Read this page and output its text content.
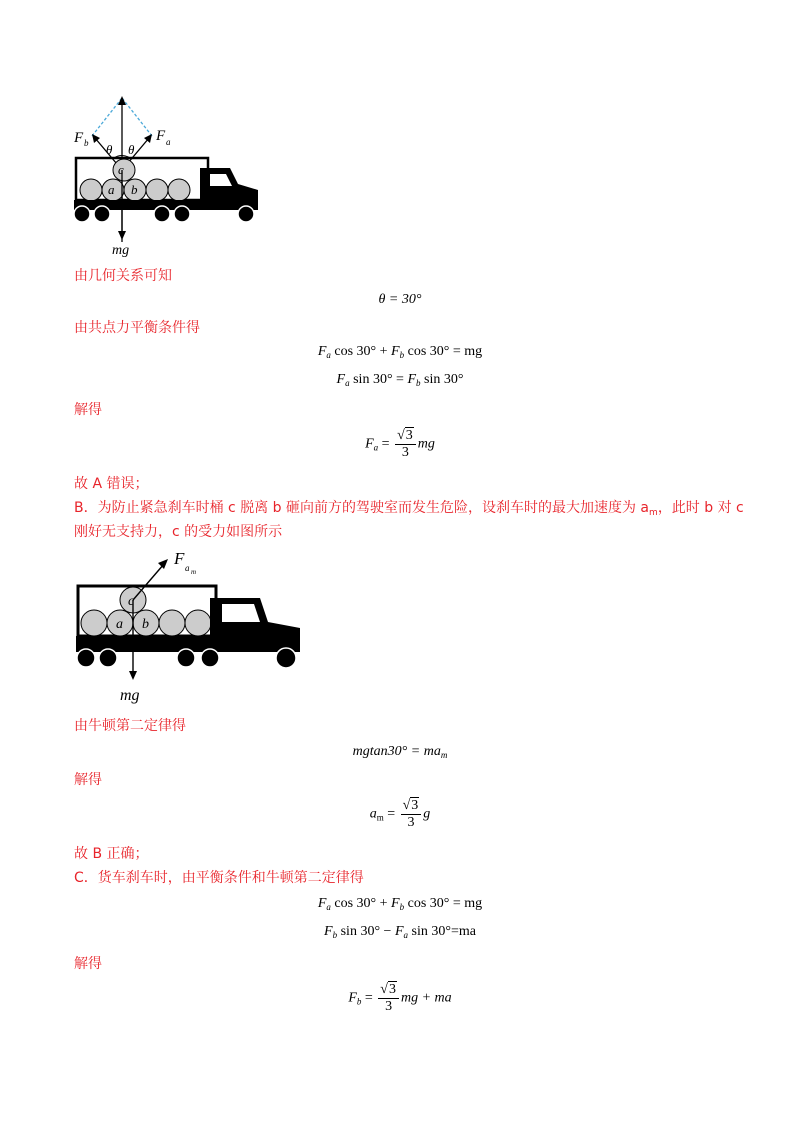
F b	F a
θ θ
c
a b
mg
由几何关系可知
θ = 30°
由共点力平衡条件得
$F_a$ $\cos 30^\circ + F_b$ cos 30° = mg
$F_a$ $\sin 30^\circ = F_b$ sin 30°
解得
$F_a = \frac{√3}{3}$ mg
故 A 错误；
B．为防止紧急刹车时桶 c 脱离 b 砸向前方的驾驶室而发生危险，设刹车时的最大加速度为 $a_m$，此时 b 对 c
刚好无支持力，c 的受力如图所示
F a m
c
a b
mg
由牛顿第二定律得
$mgtan30^\circ = ma_m$
解得
$a_m = \frac{√3}{3}$ g
故 B 正确；
C．货车刹车时，由平衡条件和牛顿第二定律得
$F_a$ $\cos 30^\circ + F_b$ cos 30° = mg
$F_b$ $\sin 30^\circ - F_a$ sin 30°=ma
解得
$F_b = \frac{√3}{3}$ mg + ma
